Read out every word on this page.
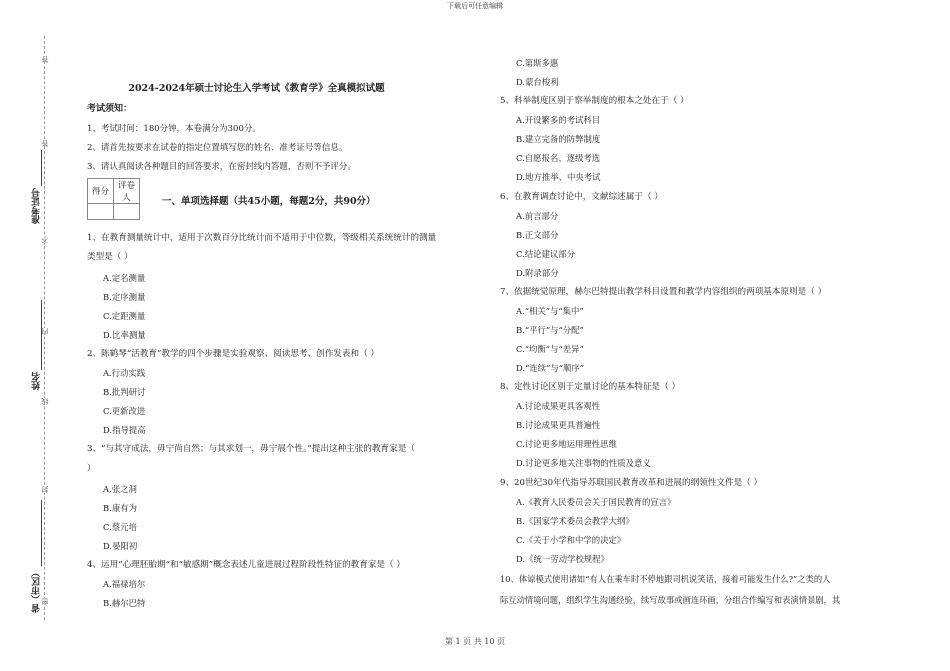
下载后可任意编辑
答
答
不
内
线
封
密
准考证号
姓名
省（市区）
2024-2024年硕士讨论生入学考试《教育学》全真模拟试题
考试须知：
1、考试时间：180分钟，本卷满分为300分。
2、请首先按要求在试卷的指定位置填写您的姓名、准考证号等信息。
3、请认真阅读各种题目的回答要求，在密封线内答题，否则不予评分。
得分	评卷人
		一、单项选择题（共45小题，每题2分，共90分）
1、在教育测量统计中，适用于次数百分比统计而不适用于中位数，等级相关系统统计的测量
类型是（ ）
A.定名测量
B.定序测量
C.定距测量
D.比率测量
2、陈鹤琴“活教育”教学的四个步骤是实验观察、阅读思考、创作发表和（ ）
A.行动实践
B.批判研讨
C.更新改进
D.指导提高
3、“与其守成法，毋宁尚自然；与其求划一，毋宁展个性。”提出这种主张的教育家是（
）
A.张之洞
B.康有为
C.蔡元培
D.晏阳初
4、运用“心理胚胎期”和“敏感期”概念表述儿童进展过程阶段性特征的教育家是（ ）
A.福禄培尔
B.赫尔巴特
C.第斯多惠
D.蒙台梭利
5、科举制度区别于察举制度的根本之处在于（ ）
A.开设繁多的考试科目
B.建立完备的防弊制度
C.自愿报名、逐级考选
D.地方推举、中央考试
6、在教育调查讨论中，文献综述属于（ ）
A.前言部分
B.正文部分
C.结论建议部分
D.附录部分
7、依据统觉原理，赫尔巴特提出教学科目设置和教学内容组织的两项基本原则是（ ）
A.“相关”与“集中”
B.“平行”与“分配”
C.“均衡”与“差异”
D.“连续”与“顺序”
8、定性讨论区别于定量讨论的基本特征是（ ）
A.讨论成果更具客观性
B.讨论成果更具普遍性
C.讨论更多地运用理性思维
D.讨论更多地关注事物的性质及意义
9、20世纪30年代指导苏联国民教育改革和进展的纲领性文件是（ ）
A.《教育人民委员会关于国民教育的宣言》
B.《国家学术委员会教学大纲》
C.《关于小学和中学的决定》
D.《统一劳动学校规程》
10、体谅模式使用诸如“有人在乘车时不停地跟司机说笑话，接着可能发生什么?”之类的人
际互动情境问题，组织学生沟通经验，续写故事或画连环画，分组合作编写和表演情景剧，其
第 1 页 共 10 页
